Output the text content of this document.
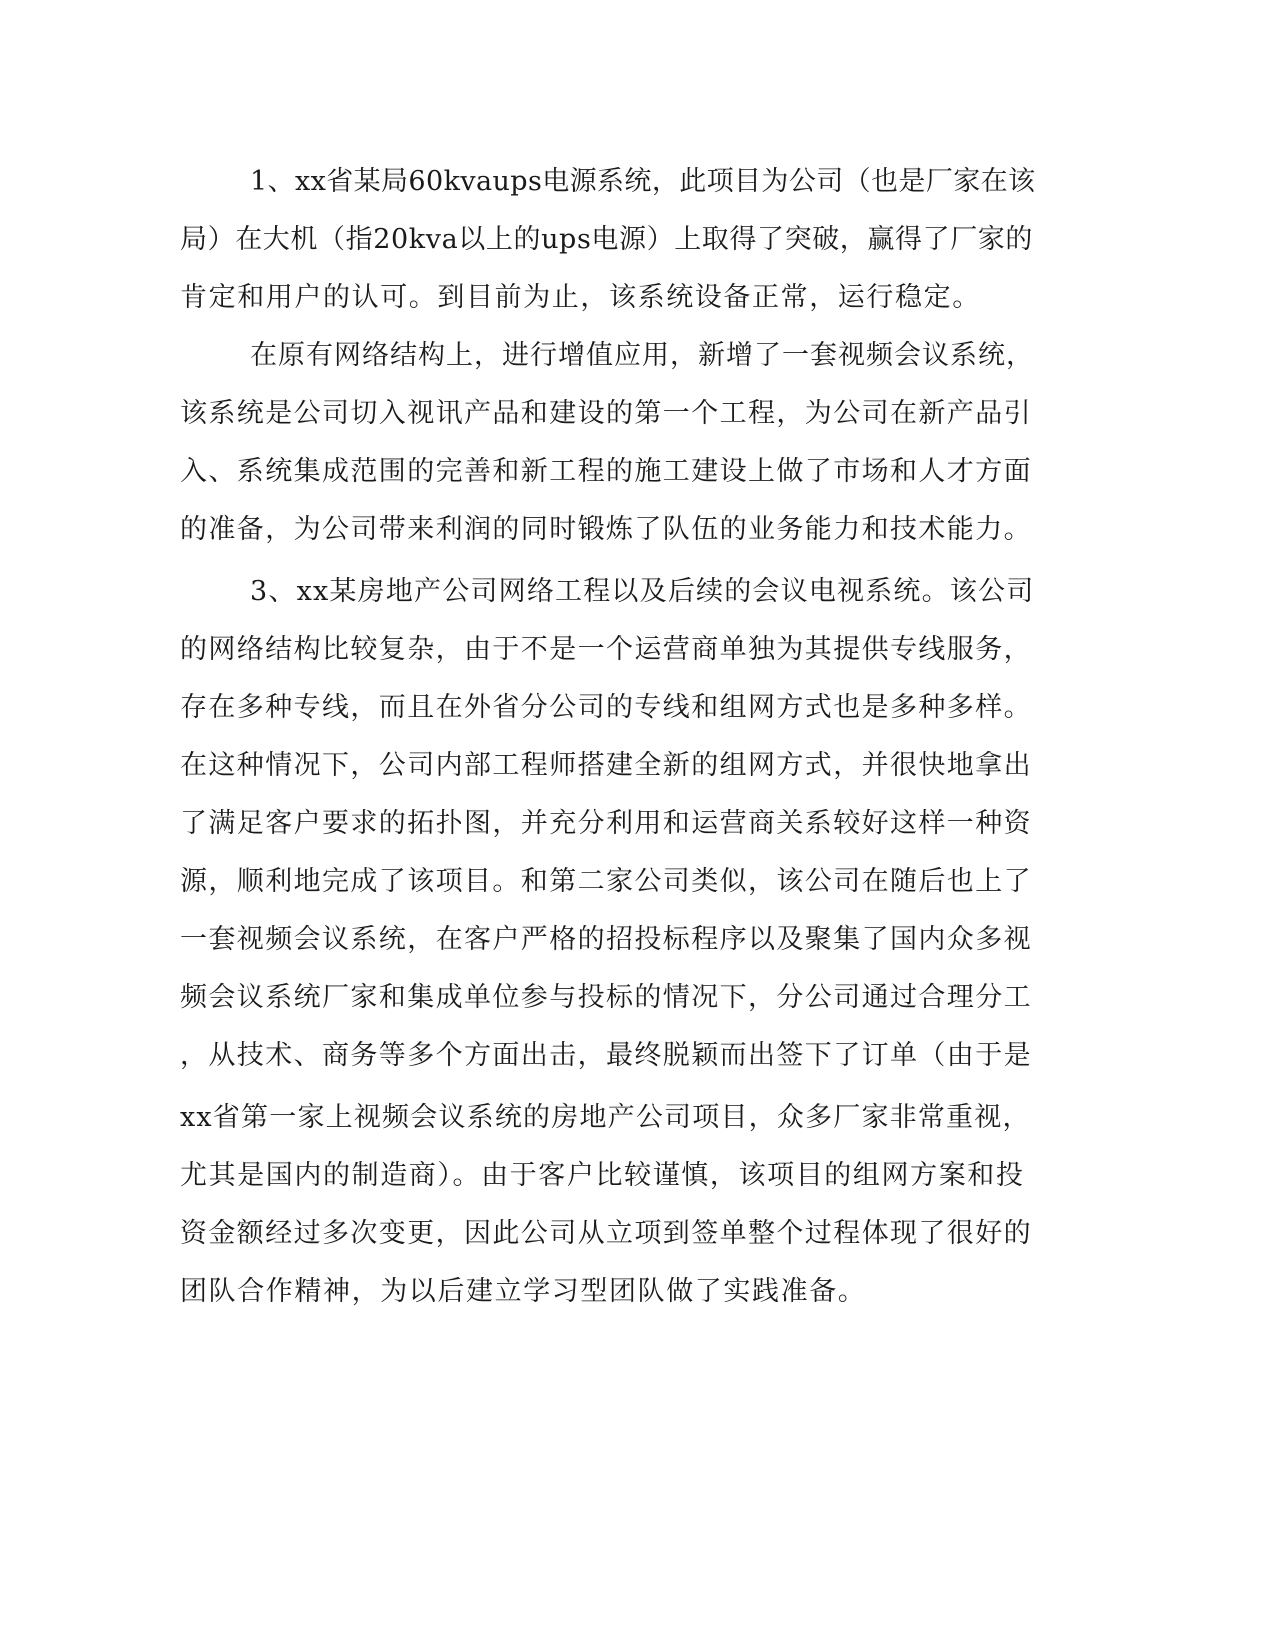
1、xx省某局60kvaups电源系统，此项目为公司（也是厂家在该
局）在大机（指20kva以上的ups电源）上取得了突破，赢得了厂家的
肯定和用户的认可。到目前为止，该系统设备正常，运行稳定。
在原有网络结构上，进行增值应用，新增了一套视频会议系统，
该系统是公司切入视讯产品和建设的第一个工程，为公司在新产品引
入、系统集成范围的完善和新工程的施工建设上做了市场和人才方面
的准备，为公司带来利润的同时锻炼了队伍的业务能力和技术能力。
3、xx某房地产公司网络工程以及后续的会议电视系统。该公司
的网络结构比较复杂，由于不是一个运营商单独为其提供专线服务，
存在多种专线，而且在外省分公司的专线和组网方式也是多种多样。
在这种情况下，公司内部工程师搭建全新的组网方式，并很快地拿出
了满足客户要求的拓扑图，并充分利用和运营商关系较好这样一种资
源，顺利地完成了该项目。和第二家公司类似，该公司在随后也上了
一套视频会议系统，在客户严格的招投标程序以及聚集了国内众多视
频会议系统厂家和集成单位参与投标的情况下，分公司通过合理分工
，从技术、商务等多个方面出击，最终脱颖而出签下了订单（由于是
xx省第一家上视频会议系统的房地产公司项目，众多厂家非常重视，
尤其是国内的制造商）。由于客户比较谨慎，该项目的组网方案和投
资金额经过多次变更，因此公司从立项到签单整个过程体现了很好的
团队合作精神，为以后建立学习型团队做了实践准备。
